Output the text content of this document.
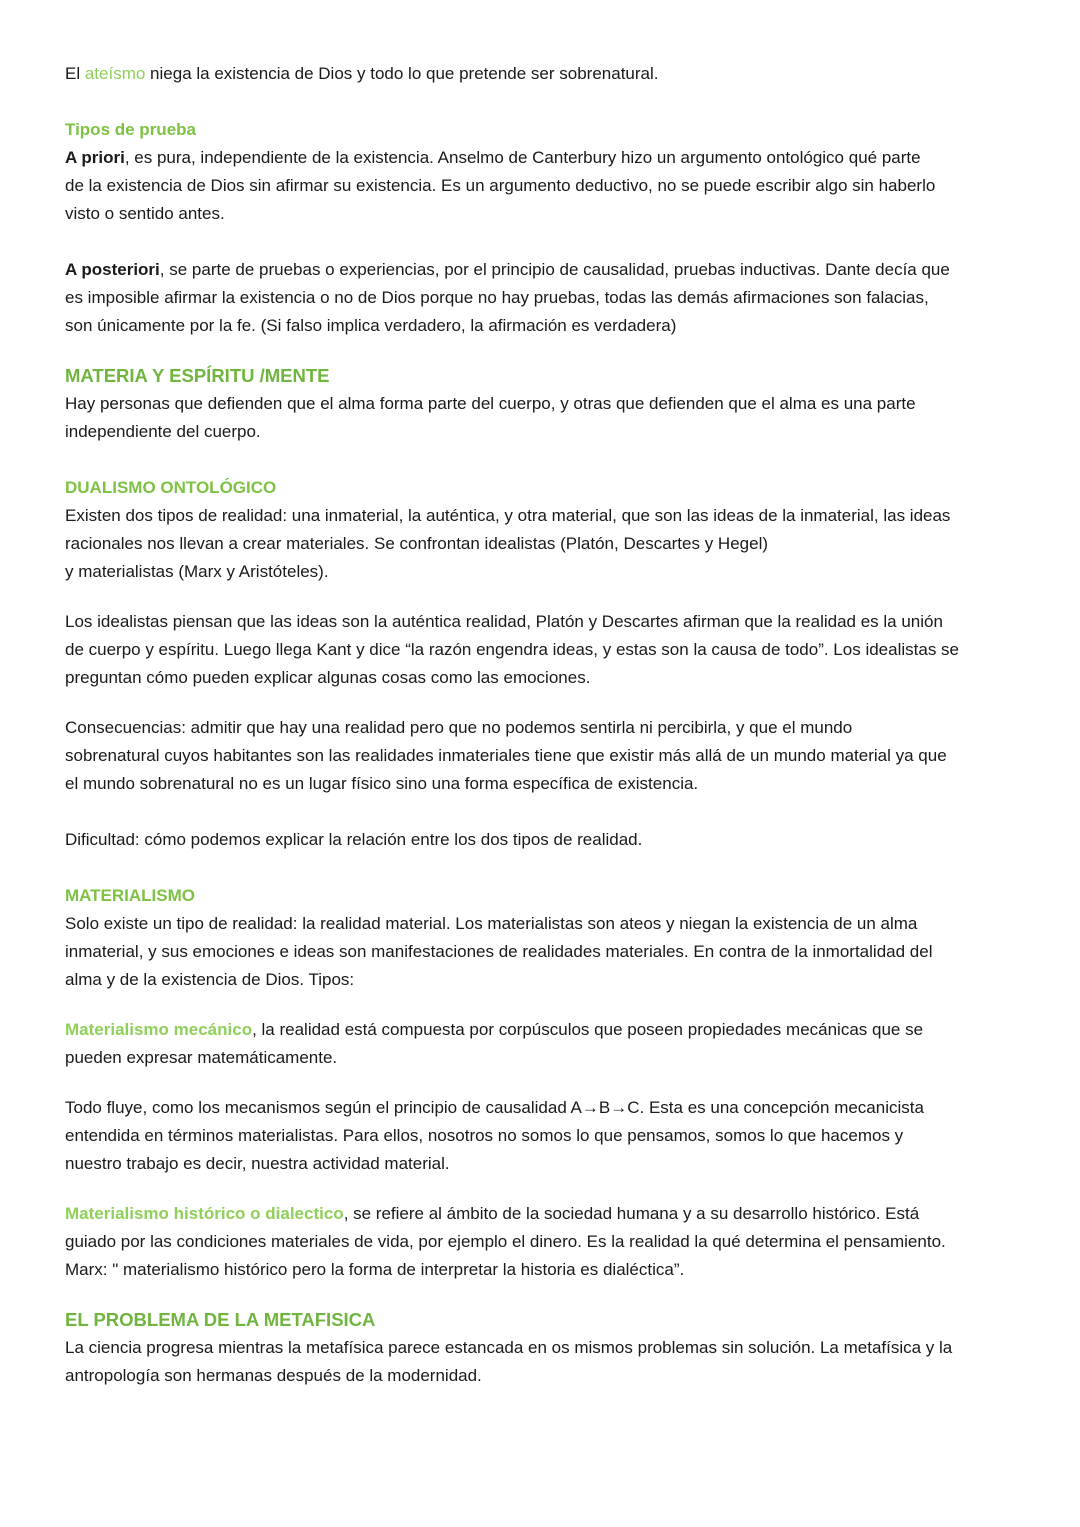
El ateísmo niega la existencia de Dios y todo lo que pretende ser sobrenatural.

Tipos de prueba

A priori, es pura, independiente de la existencia. Anselmo de Canterbury hizo un argumento ontológico qué parte
de la existencia de Dios sin afirmar su existencia. Es un argumento deductivo, no se puede escribir algo sin haberlo
visto o sentido antes.

A posteriori, se parte de pruebas o experiencias, por el principio de causalidad, pruebas inductivas. Dante decía que
es imposible afirmar la existencia o no de Dios porque no hay pruebas, todas las demás afirmaciones son falacias,
son únicamente por la fe. (Si falso implica verdadero, la afirmación es verdadera)

MATERIA Y ESPÍRITU /MENTE
Hay personas que defienden que el alma forma parte del cuerpo, y otras que defienden que el alma es una parte
independiente del cuerpo.
DUALISMO ONTOLÓGICO
Existen dos tipos de realidad: una inmaterial, la auténtica, y otra material, que son las ideas de la inmaterial, las ideas
racionales nos llevan a crear materiales. Se confrontan idealistas (Platón, Descartes y Hegel)
y materialistas (Marx y Aristóteles).

Los idealistas piensan que las ideas son la auténtica realidad, Platón y Descartes afirman que la realidad es la unión
de cuerpo y espíritu. Luego llega Kant y dice “la razón engendra ideas, y estas son la causa de todo”. Los idealistas se
preguntan cómo pueden explicar algunas cosas como las emociones.

Consecuencias: admitir que hay una realidad pero que no podemos sentirla ni percibirla, y que el mundo
sobrenatural cuyos habitantes son las realidades inmateriales tiene que existir más allá de un mundo material ya que
el mundo sobrenatural no es un lugar físico sino una forma específica de existencia.

Dificultad: cómo podemos explicar la relación entre los dos tipos de realidad.

MATERIALISMO
Solo existe un tipo de realidad: la realidad material. Los materialistas son ateos y niegan la existencia de un alma
inmaterial, y sus emociones e ideas son manifestaciones de realidades materiales. En contra de la inmortalidad del
alma y de la existencia de Dios. Tipos:

Materialismo mecánico, la realidad está compuesta por corpúsculos que poseen propiedades mecánicas que se
pueden expresar matemáticamente.

Todo fluye, como los mecanismos según el principio de causalidad A→B→C. Esta es una concepción mecanicista
entendida en términos materialistas. Para ellos, nosotros no somos lo que pensamos, somos lo que hacemos y
nuestro trabajo es decir, nuestra actividad material.

Materialismo histórico o dialectico, se refiere al ámbito de la sociedad humana y a su desarrollo histórico. Está
guiado por las condiciones materiales de vida, por ejemplo el dinero. Es la realidad la qué determina el pensamiento.
Marx: " materialismo histórico pero la forma de interpretar la historia es dialéctica”.

EL PROBLEMA DE LA METAFISICA
La ciencia progresa mientras la metafísica parece estancada en os mismos problemas sin solución. La metafísica y la
antropología son hermanas después de la modernidad.
